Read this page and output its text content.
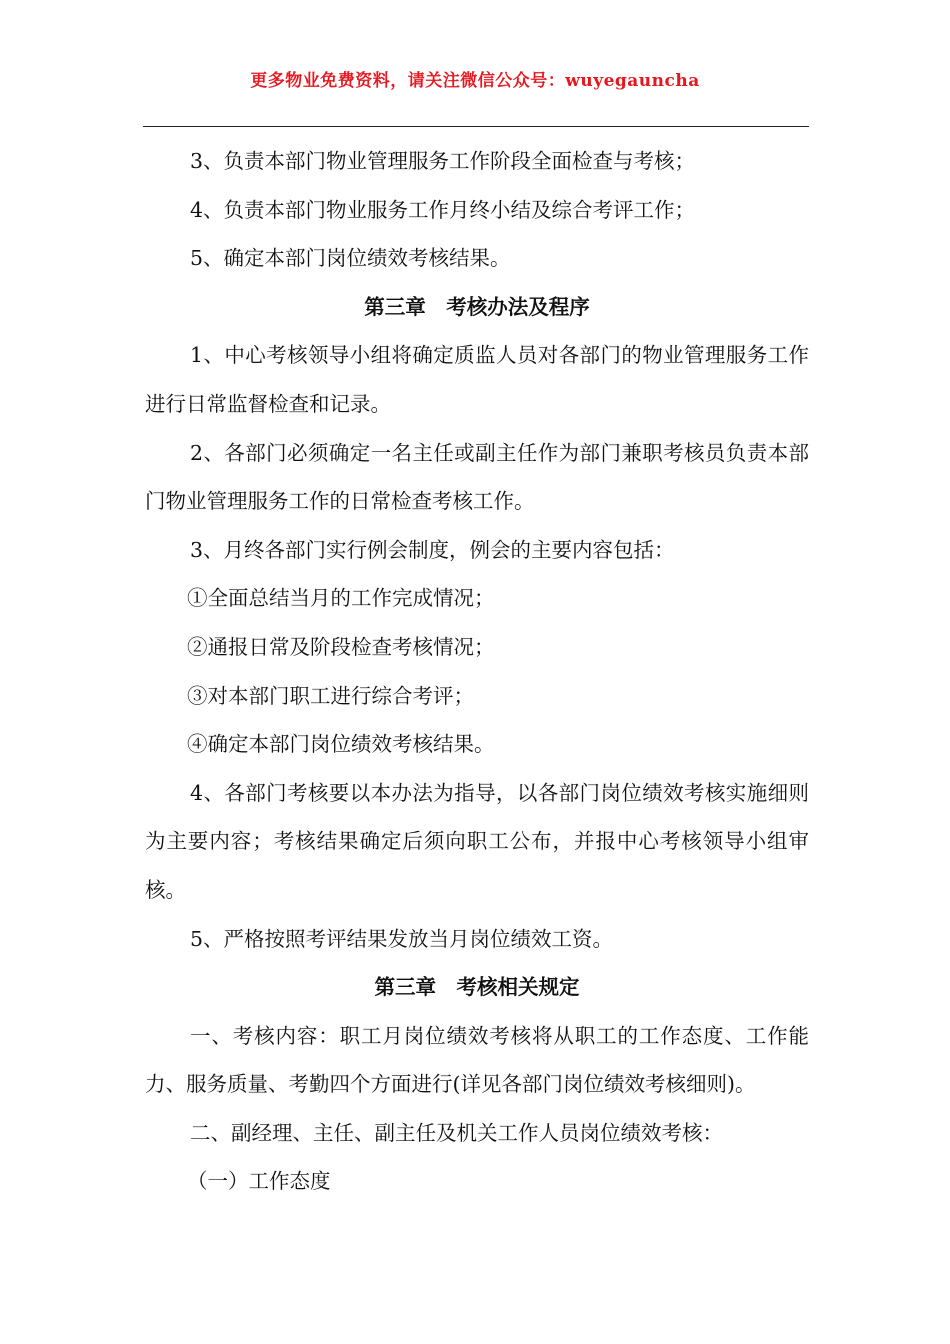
更多物业免费资料，请关注微信公众号：wuyegauncha

3、负责本部门物业管理服务工作阶段全面检查与考核；

4、负责本部门物业服务工作月终小结及综合考评工作；

5、确定本部门岗位绩效考核结果。

第三章　考核办法及程序

1、中心考核领导小组将确定质监人员对各部门的物业管理服务工作进行日常监督检查和记录。

2、各部门必须确定一名主任或副主任作为部门兼职考核员负责本部门物业管理服务工作的日常检查考核工作。

3、月终各部门实行例会制度，例会的主要内容包括：

①全面总结当月的工作完成情况；

②通报日常及阶段检查考核情况；

③对本部门职工进行综合考评；

④确定本部门岗位绩效考核结果。

4、各部门考核要以本办法为指导，以各部门岗位绩效考核实施细则为主要内容；考核结果确定后须向职工公布，并报中心考核领导小组审核。

5、严格按照考评结果发放当月岗位绩效工资。

第三章　考核相关规定

一、考核内容：职工月岗位绩效考核将从职工的工作态度、工作能力、服务质量、考勤四个方面进行(详见各部门岗位绩效考核细则)。

二、副经理、主任、副主任及机关工作人员岗位绩效考核：

（一）工作态度
